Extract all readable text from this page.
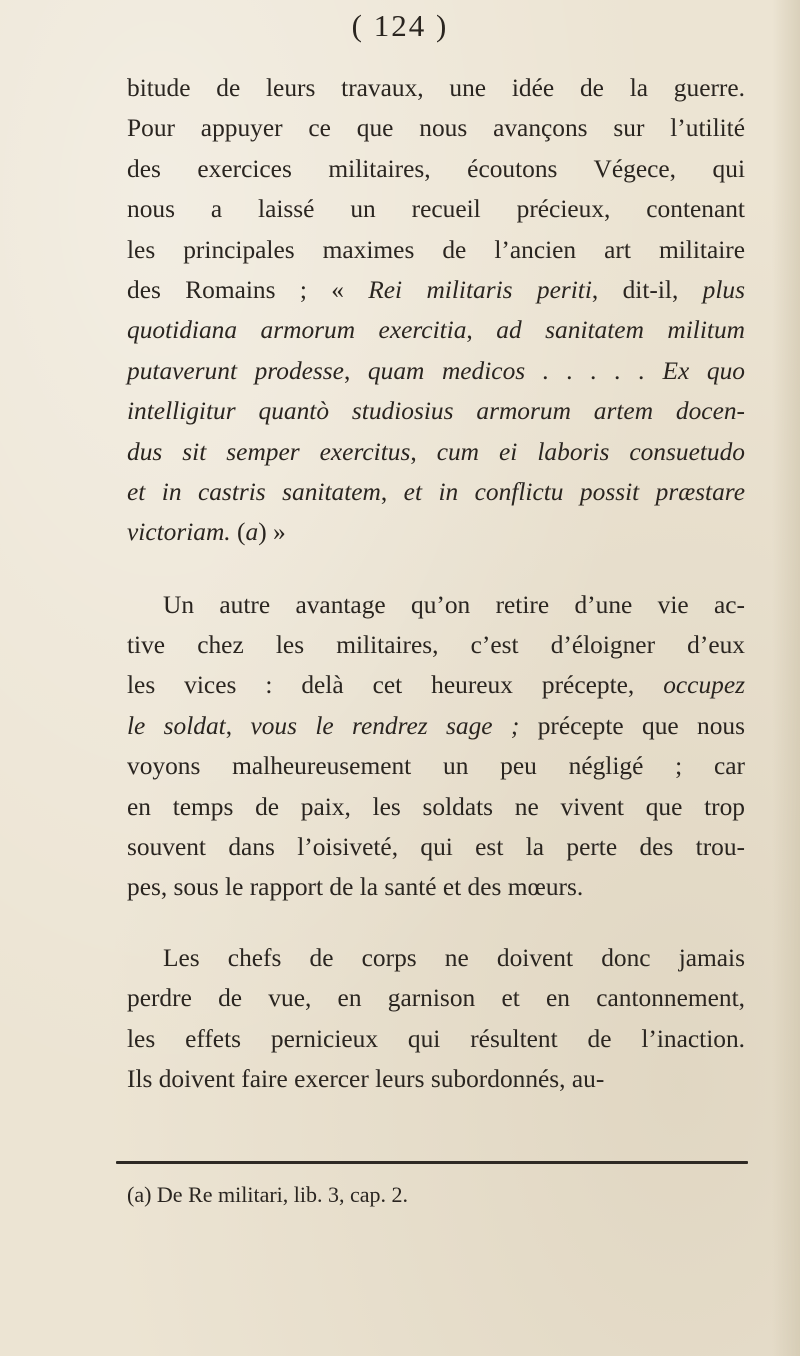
( 124 )
bitude de leurs travaux, une idée de la guerre.
Pour appuyer ce que nous avançons sur l’utilité
des exercices militaires, écoutons Végece, qui
nous a laissé un recueil précieux, contenant
les principales maximes de l’ancien art militaire
des Romains ; « Rei militaris periti, dit-il, plus
quotidiana armorum exercitia, ad sanitatem militum
putaverunt prodesse, quam medicos . . . . . Ex quo
intelligitur quantò studiosius armorum artem docen-
dus sit semper exercitus, cum ei laboris consuetudo
et in castris sanitatem, et in conflictu possit præstare
victoriam. (a) »
Un autre avantage qu’on retire d’une vie ac-
tive chez les militaires, c’est d’éloigner d’eux
les vices : delà cet heureux précepte, occupez
le soldat, vous le rendrez sage ; précepte que nous
voyons malheureusement un peu négligé ; car
en temps de paix, les soldats ne vivent que trop
souvent dans l’oisiveté, qui est la perte des trou-
pes, sous le rapport de la santé et des mœurs.
Les chefs de corps ne doivent donc jamais
perdre de vue, en garnison et en cantonnement,
les effets pernicieux qui résultent de l’inaction.
Ils doivent faire exercer leurs subordonnés, au-
(a) De Re militari, lib. 3, cap. 2.
